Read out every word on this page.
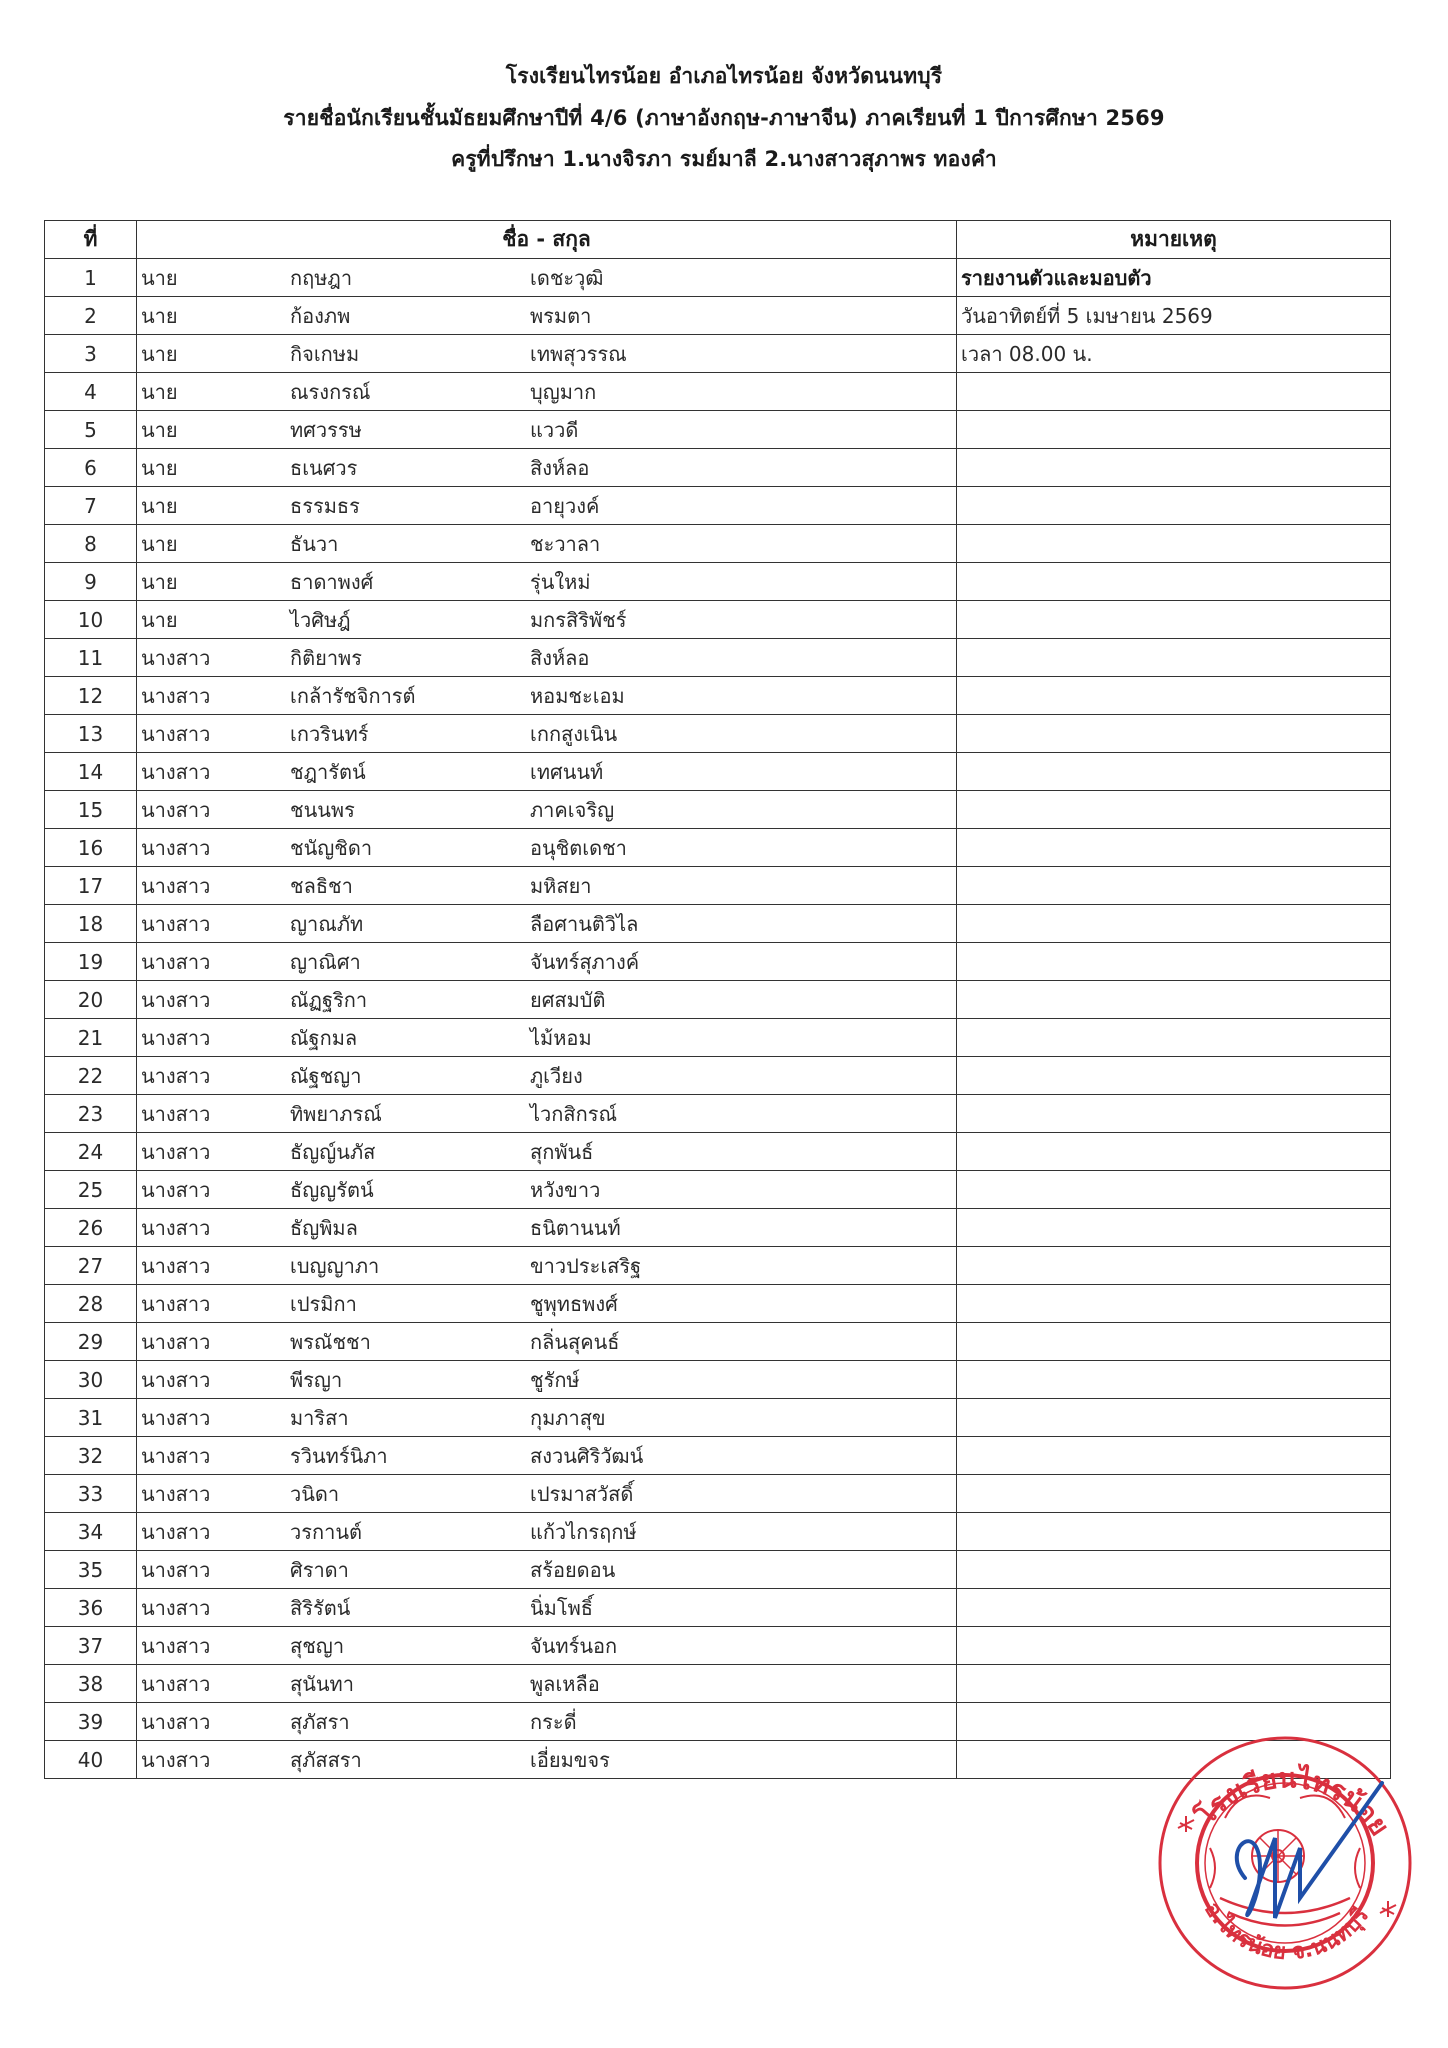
โรงเรียนไทรน้อย อำเภอไทรน้อย จังหวัดนนทบุรี
รายชื่อนักเรียนชั้นมัธยมศึกษาปีที่ 4/6 (ภาษาอังกฤษ-ภาษาจีน) ภาคเรียนที่ 1 ปีการศึกษา 2569
ครูที่ปรึกษา 1.นางจิรภา รมย์มาลี 2.นางสาวสุภาพร ทองคำ
ที่	ชื่อ - สกุล	หมายเหตุ
1	นาย กฤษฎา เดชะวุฒิ	รายงานตัวและมอบตัว
2	นาย ก้องภพ พรมตา	วันอาทิตย์ที่ 5 เมษายน 2569
3	นาย กิจเกษม เทพสุวรรณ	เวลา 08.00 น.
4	นาย ณรงกรณ์ บุญมาก	

5	นาย ทศวรรษ แววดี	

6	นาย ธเนศวร สิงห์ลอ	

7	นาย ธรรมธร อายุวงค์	

8	นาย ธันวา ชะวาลา	

9	นาย ธาดาพงศ์ รุ่นใหม่	

10	นาย ไวศิษฎ์ มกรสิริพัชร์	

11	นางสาว กิติยาพร สิงห์ลอ	

12	นางสาว เกล้ารัชจิการต์ หอมชะเอม	

13	นางสาว เกวรินทร์ เกกสูงเนิน	

14	นางสาว ชฎารัตน์ เทศนนท์	

15	นางสาว ชนนพร ภาคเจริญ	

16	นางสาว ชนัญชิดา อนุชิตเดชา	

17	นางสาว ชลธิชา มหิสยา	

18	นางสาว ญาณภัท ลือศานติวิไล	

19	นางสาว ญาณิศา จันทร์สุภางค์	

20	นางสาว ณัฏฐริกา ยศสมบัติ	

21	นางสาว ณัฐกมล ไม้หอม	

22	นางสาว ณัฐชญา ภูเวียง	

23	นางสาว ทิพยาภรณ์ ไวกสิกรณ์	

24	นางสาว ธัญญ์นภัส สุกพันธ์	

25	นางสาว ธัญญรัตน์ หวังขาว	

26	นางสาว ธัญพิมล ธนิตานนท์	

27	นางสาว เบญญาภา ขาวประเสริฐ	

28	นางสาว เปรมิกา ชูพุทธพงศ์	

29	นางสาว พรณัชชา กลิ่นสุคนธ์	

30	นางสาว พีรญา ชูรักษ์	

31	นางสาว มาริสา กุมภาสุข	

32	นางสาว รวินทร์นิภา สงวนศิริวัฒน์	

33	นางสาว วนิดา เปรมาสวัสดิ์	

34	นางสาว วรกานต์ แก้วไกรฤกษ์	

35	นางสาว ศิราดา สร้อยดอน	

36	นางสาว สิริรัตน์ นิ่มโพธิ์	

37	นางสาว สุชญา จันทร์นอก	

38	นางสาว สุนันทา พูลเหลือ	

39	นางสาว สุภัสรา กระดี่	

40	นางสาว สุภัสสรา เอี่ยมขจร	

โรงเรียนไทรน้อย
อ.ไทรน้อย จ.นนทบุรี
